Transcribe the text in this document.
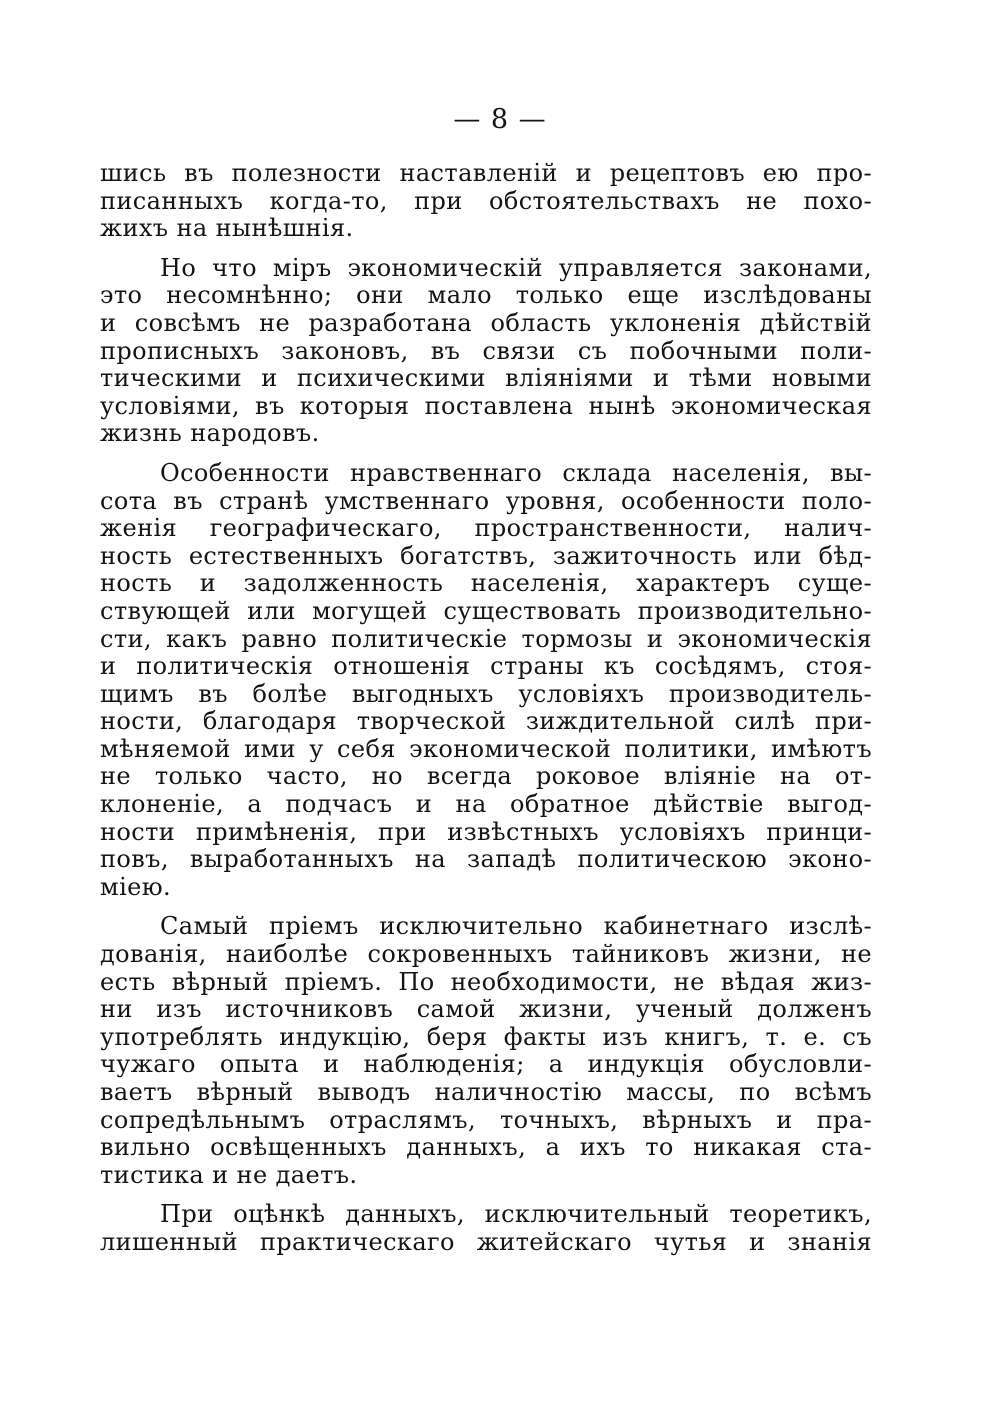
— 8 —
шись въ полезности наставленій и рецептовъ ею про-
писанныхъ когда-то, при обстоятельствахъ не похо-
жихъ на нынѣшнія.
Но что міръ экономическій управляется законами,
это несомнѣнно; они мало только еще изслѣдованы
и совсѣмъ не разработана область уклоненія дѣйствій
прописныхъ законовъ, въ связи съ побочными поли-
тическими и психическими вліяніями и тѣми новыми
условіями, въ которыя поставлена нынѣ экономическая
жизнь народовъ.
Особенности нравственнаго склада населенія, вы-
сота въ странѣ умственнаго уровня, особенности поло-
женія географическаго, пространственности, налич-
ность естественныхъ богатствъ, зажиточность или бѣд-
ность и задолженность населенія, характеръ суще-
ствующей или могущей существовать производительно-
сти, какъ равно политическіе тормозы и экономическія
и политическія отношенія страны къ сосѣдямъ, стоя-
щимъ въ болѣе выгодныхъ условіяхъ производитель-
ности, благодаря творческой зиждительной силѣ при-
мѣняемой ими у себя экономической политики, имѣютъ
не только часто, но всегда роковое вліяніе на от-
клоненіе, а подчасъ и на обратное дѣйствіе выгод-
ности примѣненія, при извѣстныхъ условіяхъ принци-
повъ, выработанныхъ на западѣ политическою эконо-
міею.
Самый пріемъ исключительно кабинетнаго изслѣ-
дованія, наиболѣе сокровенныхъ тайниковъ жизни, не
есть вѣрный пріемъ. По необходимости, не вѣдая жиз-
ни изъ источниковъ самой жизни, ученый долженъ
употреблять индукцію, беря факты изъ книгъ, т. е. съ
чужаго опыта и наблюденія; а индукція обусловли-
ваетъ вѣрный выводъ наличностію массы, по всѣмъ
сопредѣльнымъ отраслямъ, точныхъ, вѣрныхъ и пра-
вильно освѣщенныхъ данныхъ, а ихъ то никакая ста-
тистика и не даетъ.
При оцѣнкѣ данныхъ, исключительный теоретикъ,
лишенный практическаго житейскаго чутья и знанія
